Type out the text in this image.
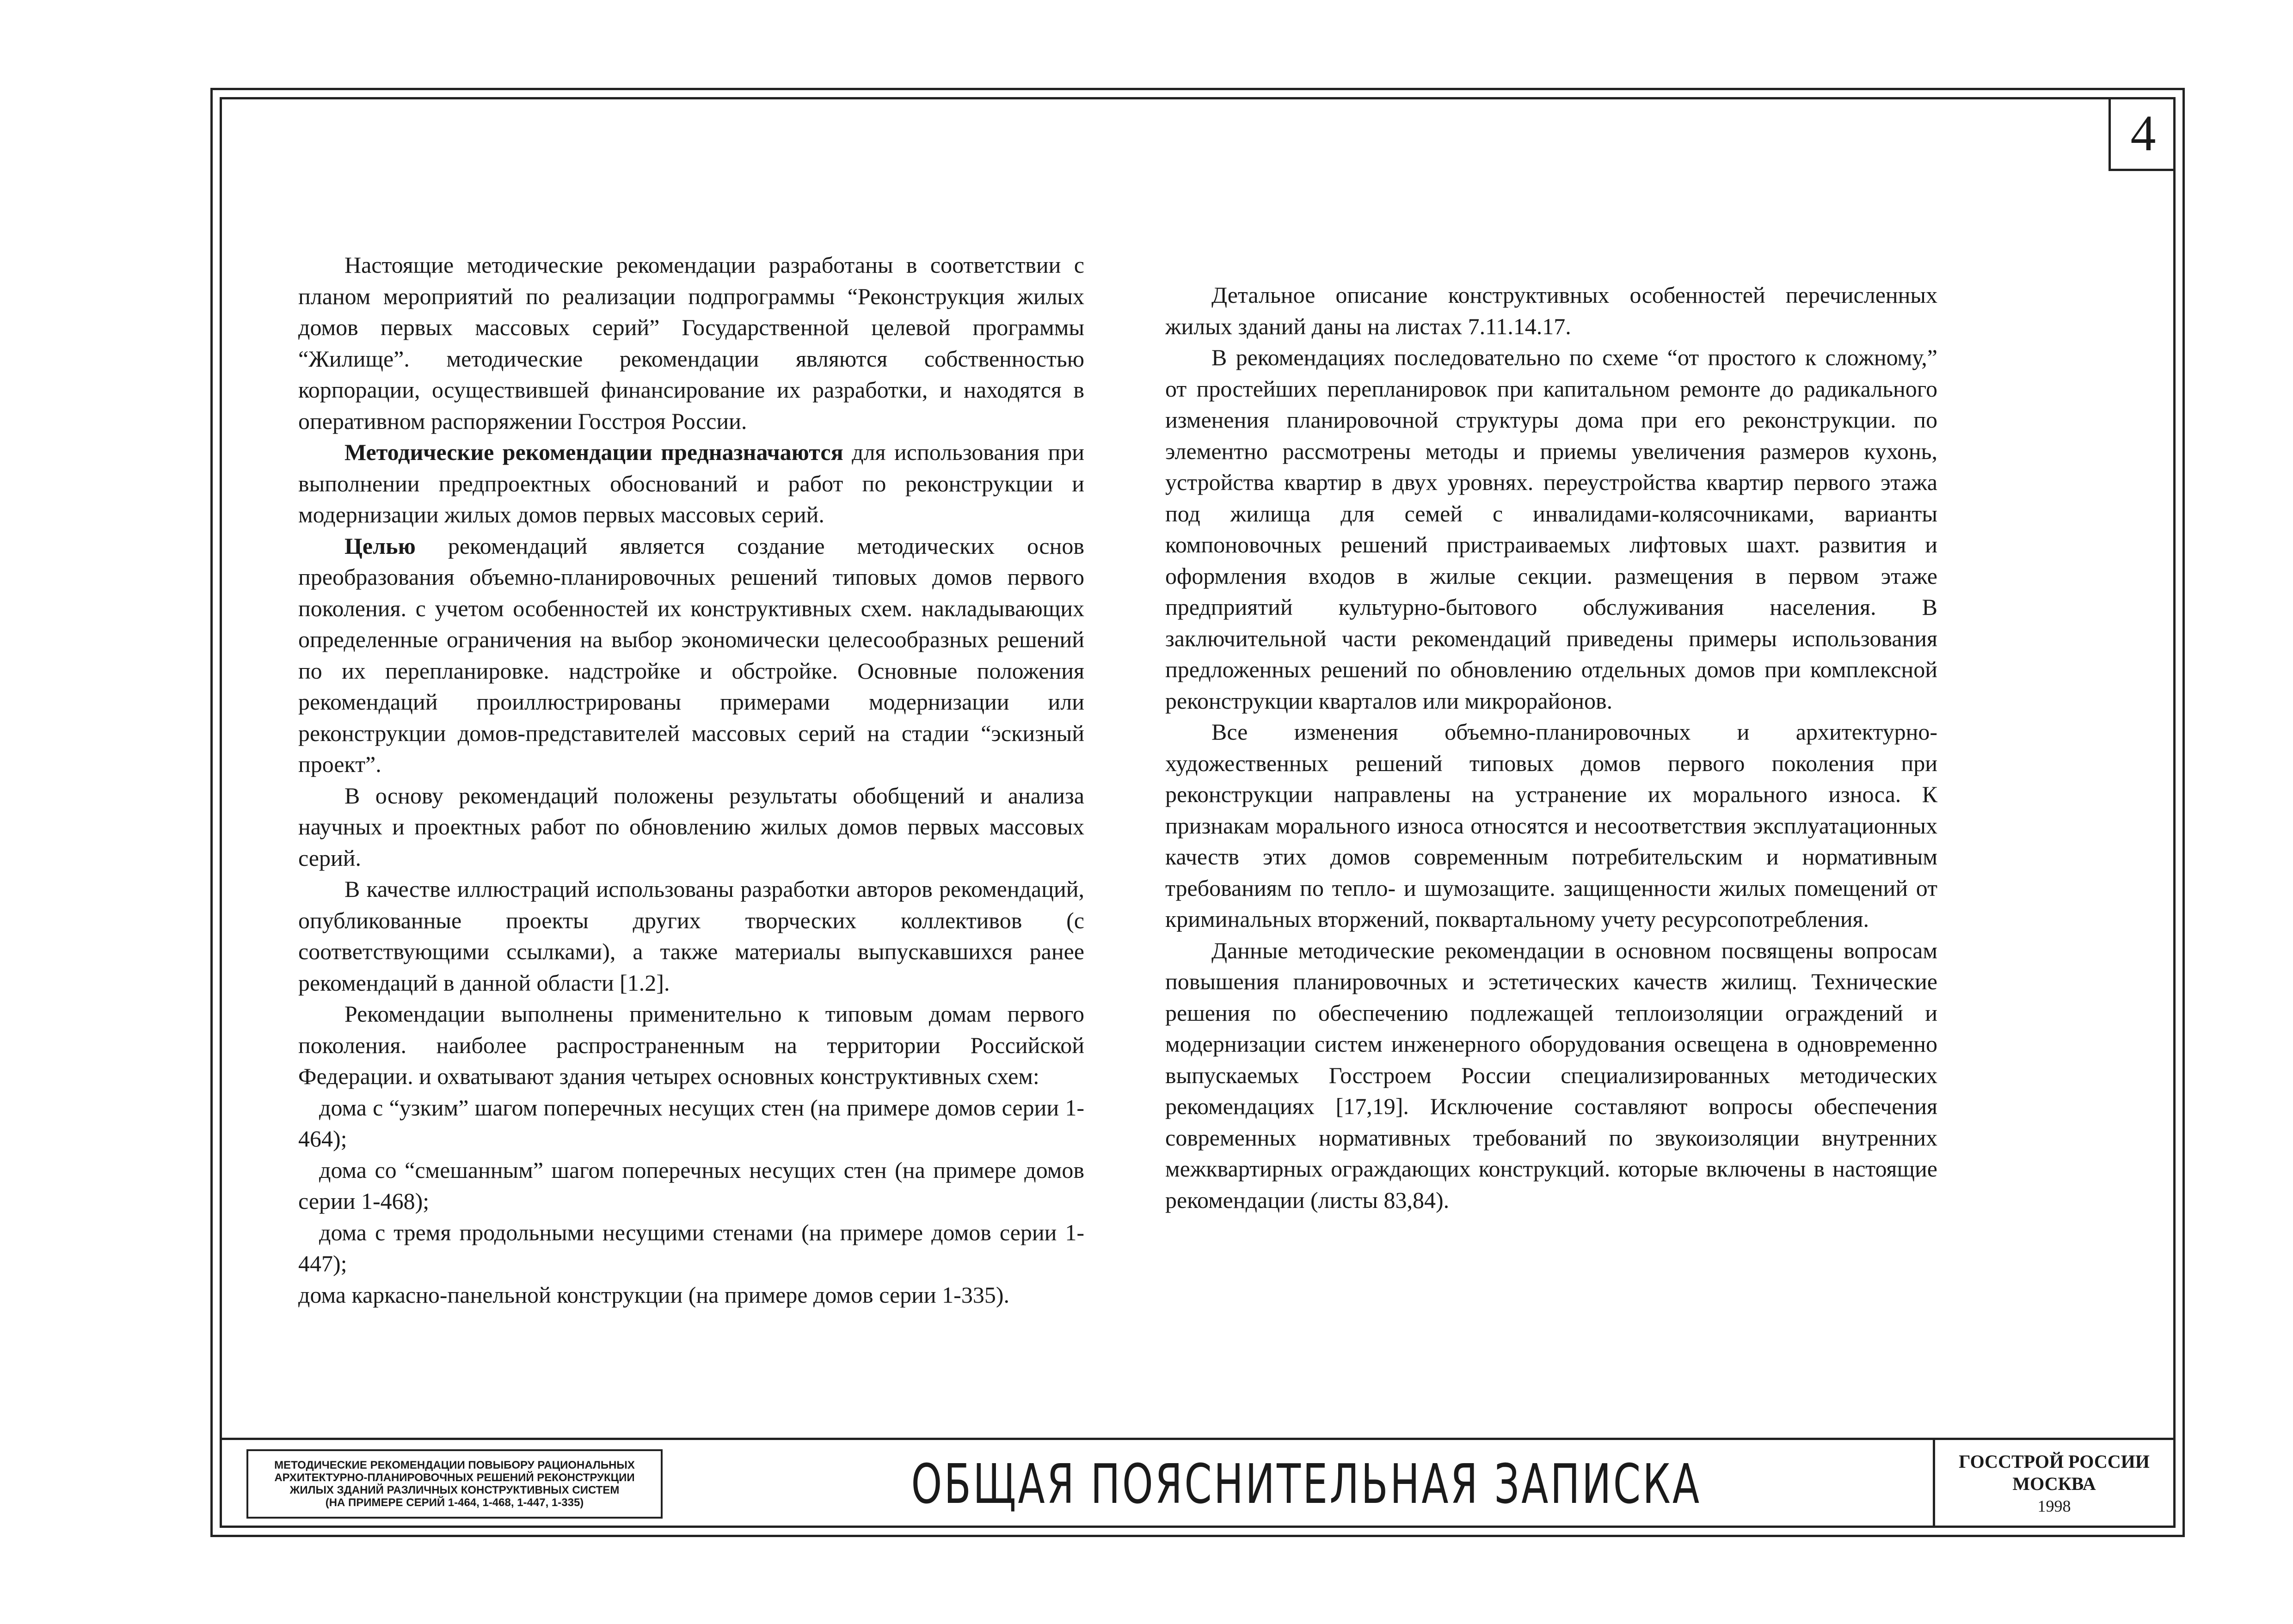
4

Настоящие методические рекомендации разработаны в соответствии с планом мероприятий по реализации подпрограммы “Реконструкция жилых домов первых массовых серий” Государственной целевой программы “Жилище”. методические рекомендации являются собственностью корпорации, осуществившей финансирование их разработки, и находятся в оперативном распоряжении Госстроя России.

Методические рекомендации предназначаются для использования при выполнении предпроектных обоснований и работ по реконструкции и модернизации жилых домов первых массовых серий.

Целью рекомендаций является создание методических основ преобразования объемно-планировочных решений типовых домов первого поколения. с учетом особенностей их конструктивных схем. накладывающих определенные ограничения на выбор экономически целесообразных решений по их перепланировке. надстройке и обстройке. Основные положения рекомендаций проиллюстрированы примерами модернизации или реконструкции домов-представителей массовых серий на стадии “эскизный проект”.

В основу рекомендаций положены результаты обобщений и анализа научных и проектных работ по обновлению жилых домов первых массовых серий.

В качестве иллюстраций использованы разработки авторов рекомендаций, опубликованные проекты других творческих коллективов (с соответствующими ссылками), а также материалы выпускавшихся ранее рекомендаций в данной области [1.2].

Рекомендации выполнены применительно к типовым домам первого поколения. наиболее распространенным на территории Российской Федерации. и охватывают здания четырех основных конструктивных схем:

дома с “узким” шагом поперечных несущих стен (на примере домов серии 1-464);

дома со “смешанным” шагом поперечных несущих стен (на примере домов серии 1-468);

дома с тремя продольными несущими стенами (на примере домов серии 1-447);

дома каркасно-панельной конструкции (на примере домов серии 1-335).

Детальное описание конструктивных особенностей перечисленных жилых зданий даны на листах 7.11.14.17.

В рекомендациях последовательно по схеме “от простого к сложному,” от простейших перепланировок при капитальном ремонте до радикального изменения планировочной структуры дома при его реконструкции. по элементно рассмотрены методы и приемы увеличения размеров кухонь, устройства квартир в двух уровнях. переустройства квартир первого этажа под жилища для семей с инвалидами-колясочниками, варианты компоновочных решений пристраиваемых лифтовых шахт. развития и оформления входов в жилые секции. размещения в первом этаже предприятий культурно-бытового обслуживания населения. В заключительной части рекомендаций приведены примеры использования предложенных решений по обновлению отдельных домов при комплексной реконструкции кварталов или микрорайонов.

Все изменения объемно-планировочных и архитектурно-художественных решений типовых домов первого поколения при реконструкции направлены на устранение их морального износа. К признакам морального износа относятся и несоответствия эксплуатационных качеств этих домов современным потребительским и нормативным требованиям по тепло- и шумозащите. защищенности жилых помещений от криминальных вторжений, поквартальному учету ресурсопотребления.

Данные методические рекомендации в основном посвящены вопросам повышения планировочных и эстетических качеств жилищ. Технические решения по обеспечению подлежащей теплоизоляции ограждений и модернизации систем инженерного оборудования освещена в одновременно выпускаемых Госстроем России специализированных методических рекомендациях [17,19]. Исключение составляют вопросы обеспечения современных нормативных требований по звукоизоляции внутренних межквартирных ограждающих конструкций. которые включены в настоящие рекомендации (листы 83,84).

МЕТОДИЧЕСКИЕ РЕКОМЕНДАЦИИ ПОВЫБОРУ РАЦИОНАЛЬНЫХ
АРХИТЕКТУРНО-ПЛАНИРОВОЧНЫХ РЕШЕНИЙ РЕКОНСТРУКЦИИ
ЖИЛЫХ ЗДАНИЙ РАЗЛИЧНЫХ КОНСТРУКТИВНЫХ СИСТЕМ
(НА ПРИМЕРЕ СЕРИЙ 1-464, 1-468, 1-447, 1-335)	ОБЩАЯ ПОЯСНИТЕЛЬНАЯ ЗАПИСКА	ГОССТРОЙ РОССИИ
МОСКВА
1998
